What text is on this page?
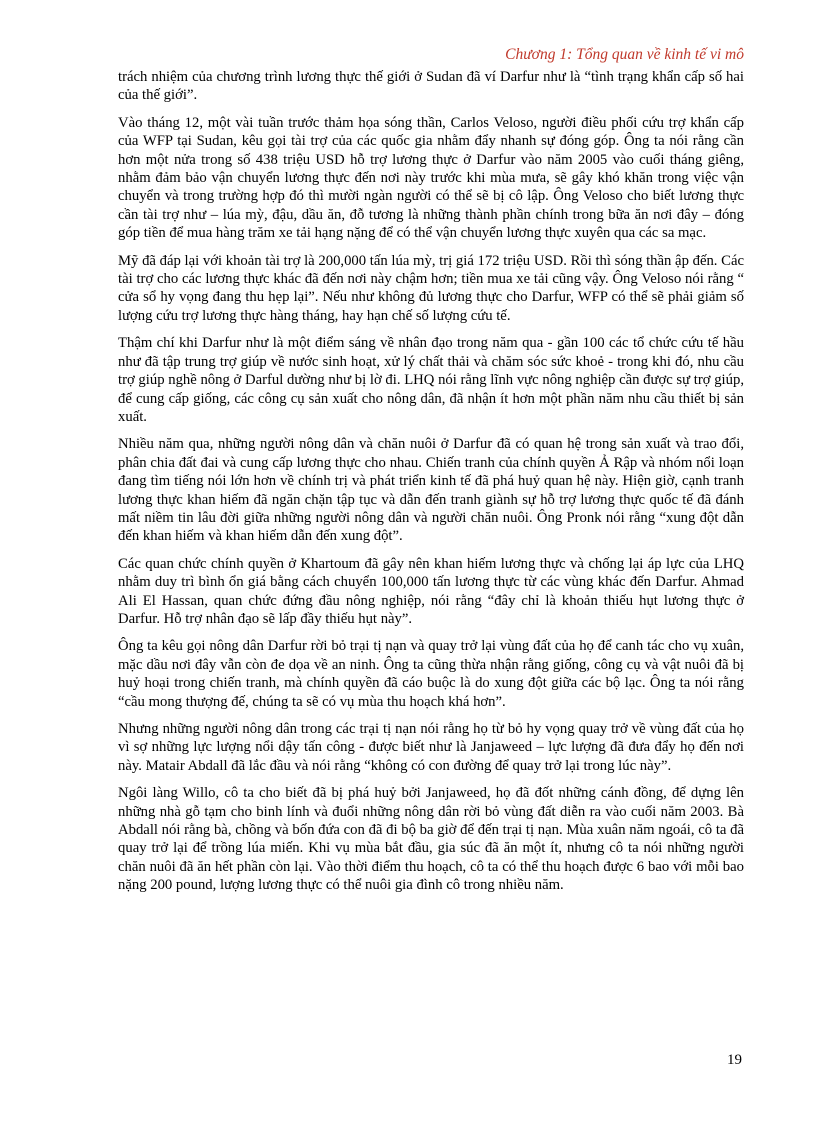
Chương 1: Tổng quan về kinh tế vi mô

trách nhiệm của chương trình lương thực thế giới ở Sudan đã ví Darfur như là “tình trạng khẩn cấp số hai của thế giới”.

Vào tháng 12, một vài tuần trước thảm họa sóng thần, Carlos Veloso, người điều phối cứu trợ khẩn cấp của WFP tại Sudan, kêu gọi tài trợ của các quốc gia nhằm đẩy nhanh sự đóng góp. Ông ta nói rằng cần hơn một nửa trong số 438 triệu USD hỗ trợ lương thực ở Darfur vào năm 2005 vào cuối tháng giêng, nhằm đảm bảo vận chuyển lương thực đến nơi này trước khi mùa mưa, sẽ gây khó khăn trong việc vận chuyển và trong trường hợp đó thì mười ngàn người có thể sẽ bị cô lập. Ông Veloso cho biết lương thực cần tài trợ như – lúa mỳ, đậu, dầu ăn, đỗ tương là những thành phần chính trong bữa ăn nơi đây – đóng góp tiền để mua hàng trăm xe tải hạng nặng để có thể vận chuyển lương thực xuyên qua các sa mạc.

Mỹ đã đáp lại với khoản tài trợ là 200,000 tấn lúa mỳ, trị giá 172 triệu USD. Rồi thì sóng thần ập đến. Các tài trợ cho các lương thực khác đã đến nơi này chậm hơn; tiền mua xe tải cũng vậy. Ông Veloso nói rằng “ cửa sổ hy vọng đang thu hẹp lại”. Nếu như không đủ lương thực cho Darfur, WFP có thể sẽ phải giảm số lượng cứu trợ lương thực hàng tháng, hay hạn chế số lượng cứu tế.

Thậm chí khi Darfur như là một điểm sáng về nhân đạo trong năm qua - gần 100 các tổ chức cứu tế hầu như đã tập trung trợ giúp về nước sinh hoạt, xử lý chất thải và chăm sóc sức khoẻ - trong khi đó, nhu cầu trợ giúp nghề nông ở Darful dường như bị lờ đi. LHQ nói rằng lĩnh vực nông nghiệp cần được sự trợ giúp, để cung cấp giống, các công cụ sản xuất cho nông dân, đã nhận ít hơn một phần năm nhu cầu thiết bị sản xuất.

Nhiều năm qua, những người nông dân và chăn nuôi ở Darfur đã có quan hệ trong sản xuất và trao đổi, phân chia đất đai và cung cấp lương thực cho nhau. Chiến tranh của chính quyền Ả Rập và nhóm nổi loạn đang tìm tiếng nói lớn hơn về chính trị và phát triển kinh tế đã phá huỷ quan hệ này. Hiện giờ, cạnh tranh lương thực khan hiếm đã ngăn chặn tập tục và dẫn đến tranh giành sự hỗ trợ lương thực quốc tế đã đánh mất niềm tin lâu đời giữa những người nông dân và người chăn nuôi. Ông Pronk nói rằng “xung đột dẫn đến khan hiếm và khan hiếm dẫn đến xung đột”.

Các quan chức chính quyền ở Khartoum đã gây nên khan hiếm lương thực và chống lại áp lực của LHQ nhằm duy trì bình ổn giá bằng cách chuyển 100,000 tấn lương thực từ các vùng khác đến Darfur. Ahmad Ali El Hassan, quan chức đứng đầu nông nghiệp, nói rằng “đây chỉ là khoản thiếu hụt lương thực ở Darfur. Hỗ trợ nhân đạo sẽ lấp đầy thiếu hụt này”.

Ông ta kêu gọi nông dân Darfur rời bỏ trại tị nạn và quay trở lại vùng đất của họ để canh tác cho vụ xuân, mặc dầu nơi đây vẫn còn đe dọa về an ninh. Ông ta cũng thừa nhận rằng giống, công cụ và vật nuôi đã bị huỷ hoại trong chiến tranh, mà chính quyền đã cáo buộc là do xung đột giữa các bộ lạc. Ông ta nói rằng “cầu mong thượng đế, chúng ta sẽ có vụ mùa thu hoạch khá hơn”.

Nhưng những người nông dân trong các trại tị nạn nói rằng họ từ bỏ hy vọng quay trở về vùng đất của họ vì sợ những lực lượng nổi dậy tấn công - được biết như là Janjaweed – lực lượng đã đưa đẩy họ đến nơi này. Matair Abdall đã lắc đầu và nói rằng “không có con đường để quay trở lại trong lúc này”.

Ngôi làng Willo, cô ta cho biết đã bị phá huỷ bởi Janjaweed, họ đã đốt những cánh đồng, để dựng lên những nhà gỗ tạm cho binh lính và đuổi những nông dân rời bỏ vùng đất diễn ra vào cuối năm 2003. Bà Abdall nói rằng bà, chồng và bốn đứa con đã đi bộ ba giờ để đến trại tị nạn. Mùa xuân năm ngoái, cô ta đã quay trở lại để trồng lúa miến. Khi vụ mùa bắt đầu, gia súc đã ăn một ít, nhưng cô ta nói những người chăn nuôi đã ăn hết phần còn lại. Vào thời điểm thu hoạch, cô ta có thể thu hoạch được 6 bao với mỗi bao nặng 200 pound, lượng lương thực có thể nuôi gia đình cô trong nhiều năm.

19
